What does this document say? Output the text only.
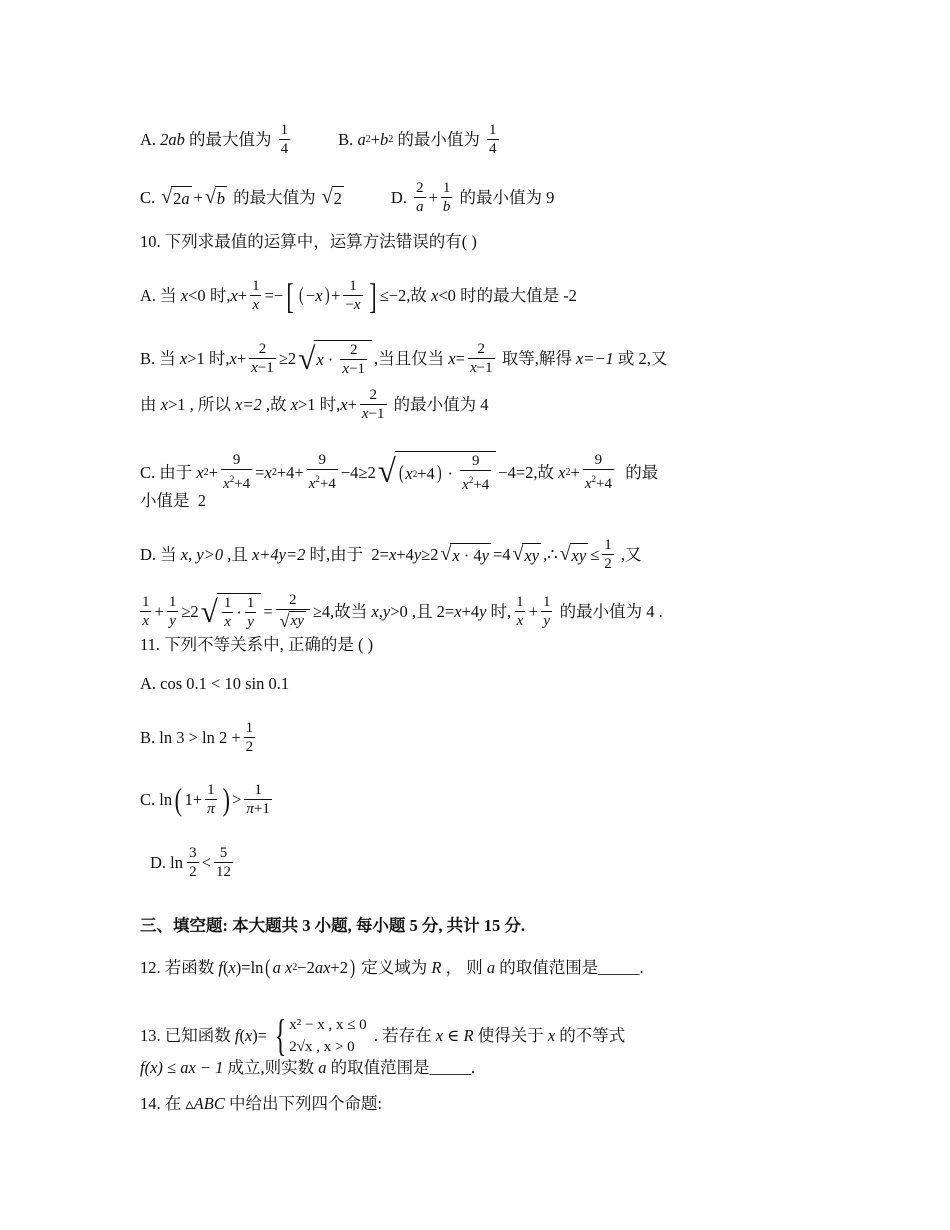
A.
2ab
的最大值为
$\frac{1}{4}$	B.
a 2 + b 2
的最小值为
$\frac{1}{4}$
C.
√ 2 a + √ b
的最大值为
√ 2	D.
$\frac{2}{a} + \frac{1}{b}$
的最小值为
9
10. 下列求最值的运算中，运算方法错误的有( )
A. 当
x <0 时, $x + \frac{1}{x}$ =− [ ( − x ) + $\frac{1}{-x}$ ] ≤−2 ,故
x <0 时的最大值是
-2
B. 当
x >1 时, $x + \frac{2}{x-1} \ge 2$ √ $x \cdot \frac{2}{x-1}$ ,当且仅当
$x = \frac{2}{x-1}$
取等,解得
x=−1
或 2,又
由
x >1 , 所以
x=2
,故
x >1 时, $x + \frac{2}{x-1}$
的最小值为
4
C. 由于
x $2 + \frac{9}{x^2+4} = x$ $2 +4+ \frac{9}{x^2+4} -4\ge 2$ √ ( x 2 +4 ) · $\frac{9}{x^2+4} -4=2$ ,故
x $2 + \frac{9}{x^2+4}$
的最
小值是
2
D. 当
x, y>0
,且
x+4y=2
时,由于 2= x +4 y ≥2 √ x · 4 y =4 √ xy ,∴ √ xy ≤ $\frac{1}{2}$
,又
$\frac{1}{x} + \frac{1}{y} \ge 2$ √ $\frac{1}{x} \cdot \frac{1}{y} = \frac{2}{√ xy} \ge 4$ ,故当
x , y >0 ,且 2= x +4 y
时, $\frac{1}{x} + \frac{1}{y}$
的最小值为
4 .
11. 下列不等关系中, 正确的是 ( )
A. cos 0.1 < 10 sin 0.1
B.
$\ln 3 > \ln 2 + \frac{1}{2}$
C.
ln ( $1+ \frac{1}{\pi}$ ) > $\frac{1}{\pi+1}$
D.
ln
$\frac{3}{2} < \frac{5}{12}$
三、填空题: 本大题共 3 小题, 每小题 5 分, 共计 15 分.
12. 若函数
f ( x ) =ln ( a
x 2 −2 ax +2 )
定义域为
R
， 则
a
的取值范围是_____.
13. 已知函数
f ( x )= { x² − x , x ≤ 0
2√x , x > 0

. 若存在
x ∈ R
使得关于
x
的不等式
f(x) ≤ ax − 1
成立,则实数
a
的取值范围是_____.
14. 在
▵ABC
中给出下列四个命题:
